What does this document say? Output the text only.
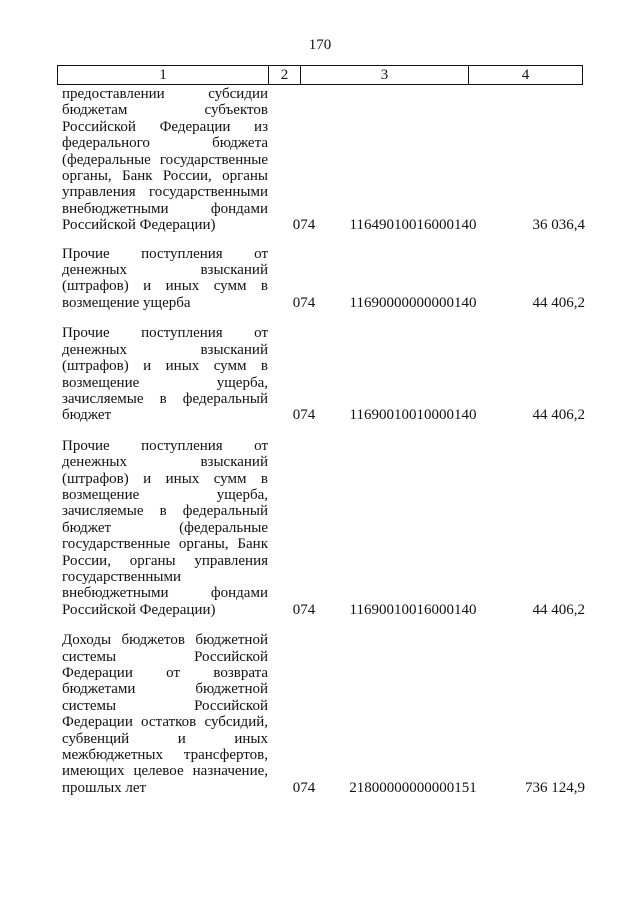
170
1	2	3	4
предоставлении субсидии бюджетам субъектов Российской Федерации из федерального бюджета (федеральные государственные органы, Банк России, органы управления государственными внебюджетными фондами Российской Федерации)	074	11649010016000140	36 036,4
Прочие поступления от денежных взысканий (штрафов) и иных сумм в возмещение ущерба	074	11690000000000140	44 406,2
Прочие поступления от денежных взысканий (штрафов) и иных сумм в возмещение ущерба, зачисляемые в федеральный бюджет	074	11690010010000140	44 406,2
Прочие поступления от денежных взысканий (штрафов) и иных сумм в возмещение ущерба, зачисляемые в федеральный бюджет (федеральные государственные органы, Банк России, органы управления государственными внебюджетными фондами Российской Федерации)	074	11690010016000140	44 406,2
Доходы бюджетов бюджетной системы Российской Федерации от возврата бюджетами бюджетной системы Российской Федерации остатков субсидий, субвенций и иных межбюджетных трансфертов, имеющих целевое назначение, прошлых лет	074	21800000000000151	736 124,9
